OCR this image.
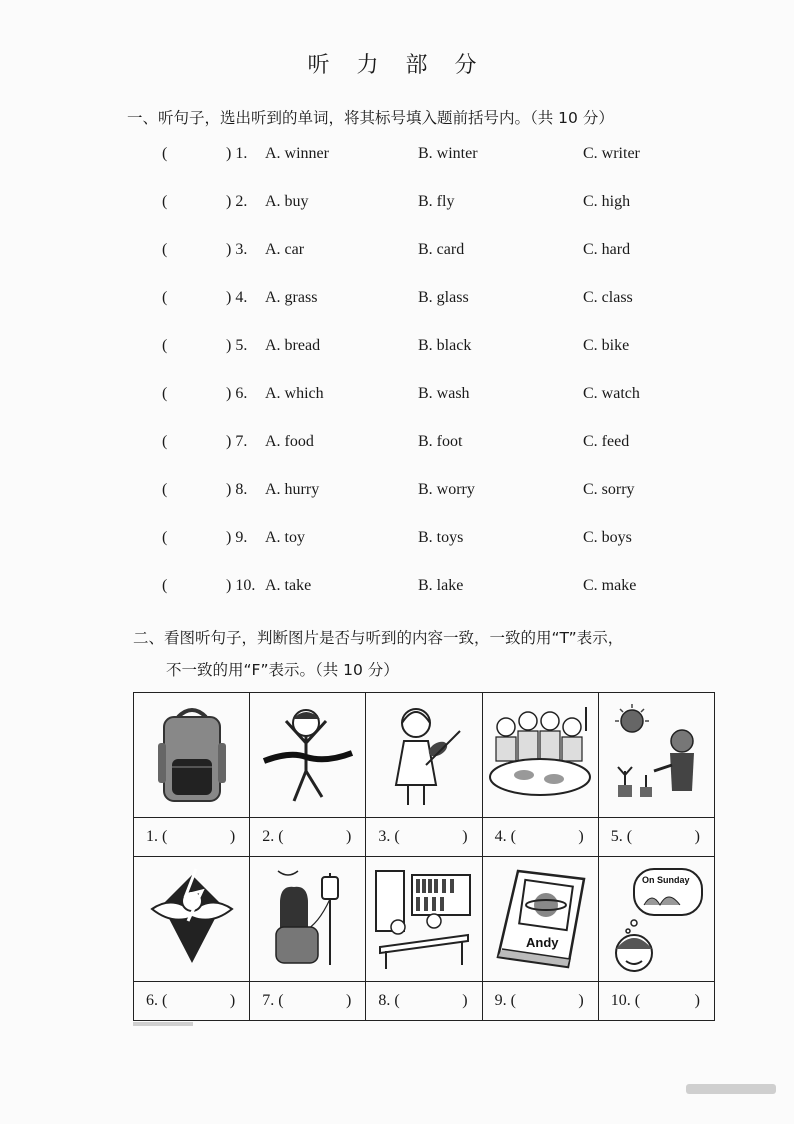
听 力 部 分
一、听句子，选出听到的单词，将其标号填入题前括号内。（共 10 分）
(	) 1. A. winner	B. winter	C. writer
(	) 2. A. buy	B. fly	C. high
(	) 3. A. car	B. card	C. hard
(	) 4. A. grass	B. glass	C. class
(	) 5. A. bread	B. black	C. bike
(	) 6. A. which	B. wash	C. watch
(	) 7. A. food	B. foot	C. feed
(	) 8. A. hurry	B. worry	C. sorry
(	) 9. A. toy	B. toys	C. boys
(	) 10. A. take	B. lake	C. make
二、看图听句子，判断图片是否与听到的内容一致，一致的用“T”表示，
不一致的用“F”表示。（共 10 分）

1. ( )	2. ( )	3. ( )	4. ( )	5. ( )

Andy	On Sunday

6. ( )	7. ( )	8. ( )	9. ( )	10. ( )
